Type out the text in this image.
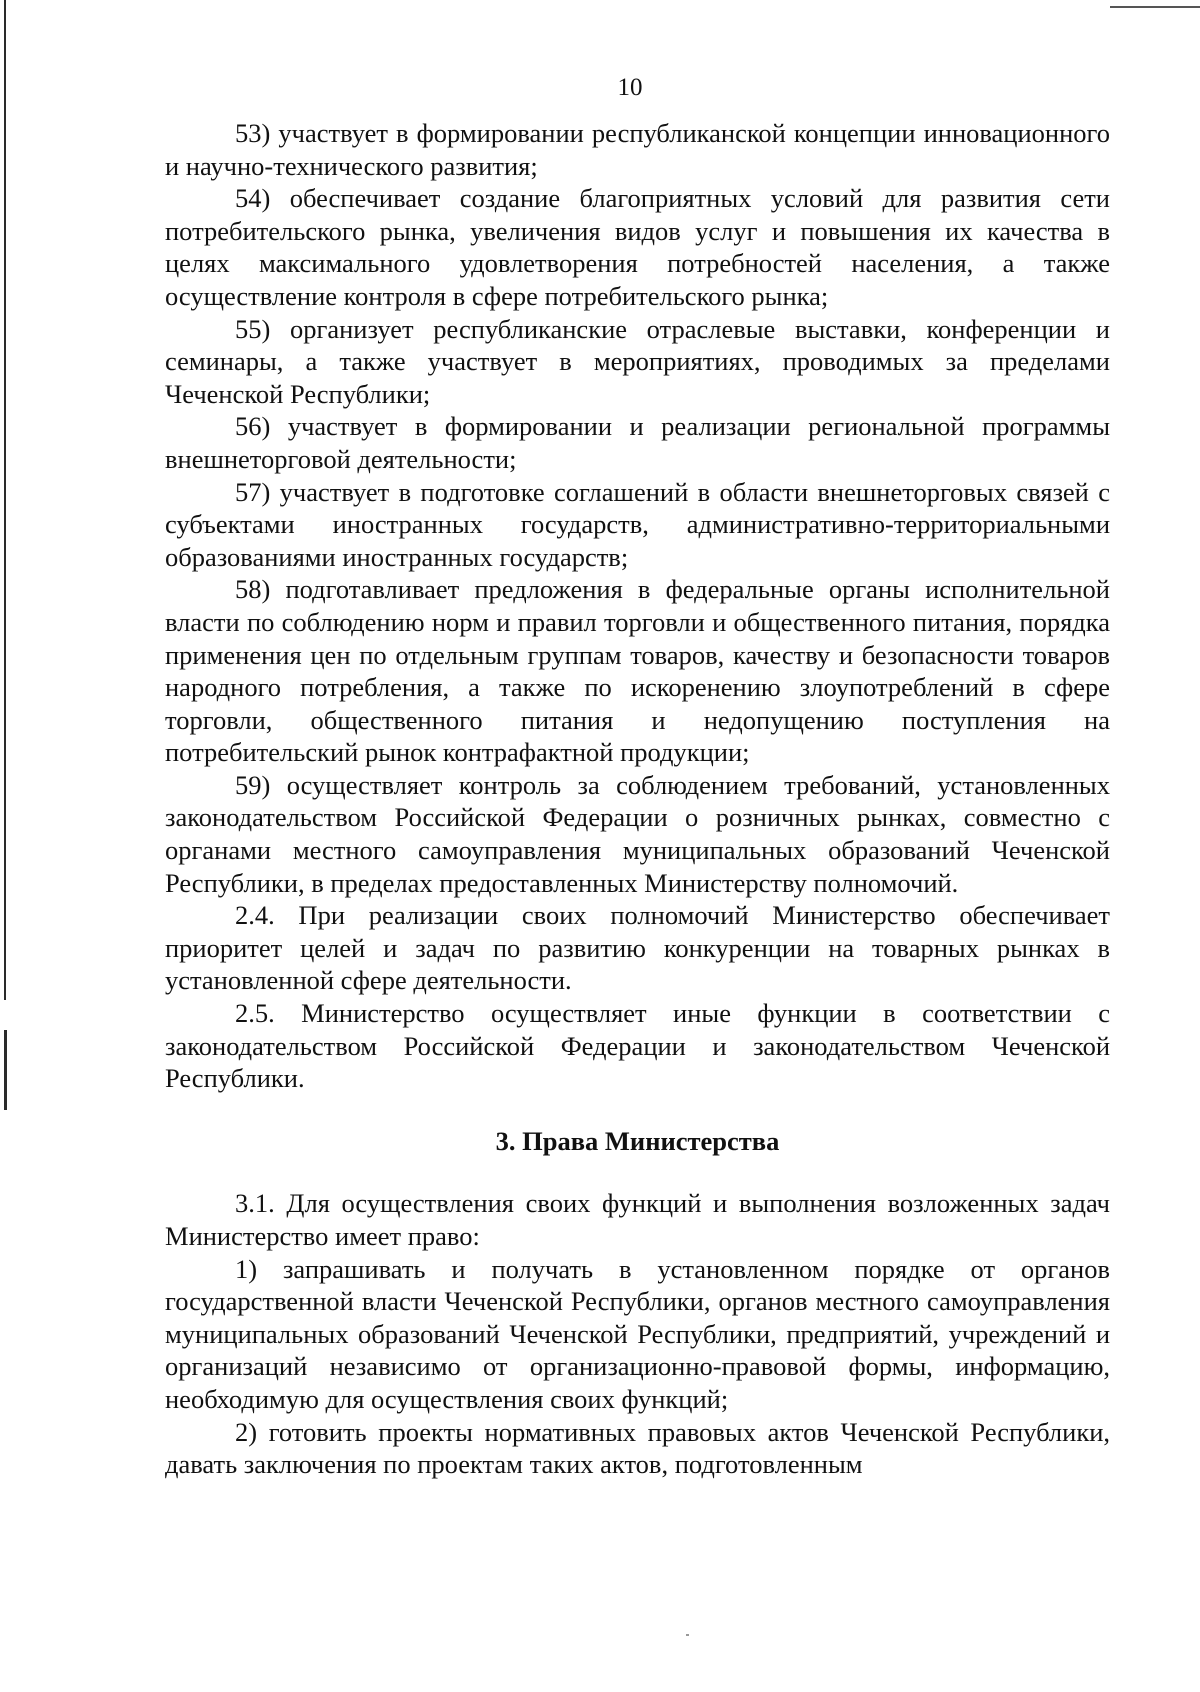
10

53) участвует в формировании республиканской концепции инновационного и научно-технического развития;

54) обеспечивает создание благоприятных условий для развития сети потребительского рынка, увеличения видов услуг и повышения их качества в целях максимального удовлетворения потребностей населения, а также осуществление контроля в сфере потребительского рынка;

55) организует республиканские отраслевые выставки, конференции и семинары, а также участвует в мероприятиях, проводимых за пределами Чеченской Республики;

56) участвует в формировании и реализации региональной программы внешнеторговой деятельности;

57) участвует в подготовке соглашений в области внешнеторговых связей с субъектами иностранных государств, административно-территориальными образованиями иностранных государств;

58) подготавливает предложения в федеральные органы исполнительной власти по соблюдению норм и правил торговли и общественного питания, порядка применения цен по отдельным группам товаров, качеству и безопасности товаров народного потребления, а также по искоренению злоупотреблений в сфере торговли, общественного питания и недопущению поступления на потребительский рынок контрафактной продукции;

59) осуществляет контроль за соблюдением требований, установленных законодательством Российской Федерации о розничных рынках, совместно с органами местного самоуправления муниципальных образований Чеченской Республики, в пределах предоставленных Министерству полномочий.

2.4. При реализации своих полномочий Министерство обеспечивает приоритет целей и задач по развитию конкуренции на товарных рынках в установленной сфере деятельности.

2.5. Министерство осуществляет иные функции в соответствии с законодательством Российской Федерации и законодательством Чеченской Республики.

3. Права Министерства

3.1. Для осуществления своих функций и выполнения возложенных задач Министерство имеет право:

1) запрашивать и получать в установленном порядке от органов государственной власти Чеченской Республики, органов местного самоуправления муниципальных образований Чеченской Республики, предприятий, учреждений и организаций независимо от организационно-правовой формы, информацию, необходимую для осуществления своих функций;

2) готовить проекты нормативных правовых актов Чеченской Республики, давать заключения по проектам таких актов, подготовленным
